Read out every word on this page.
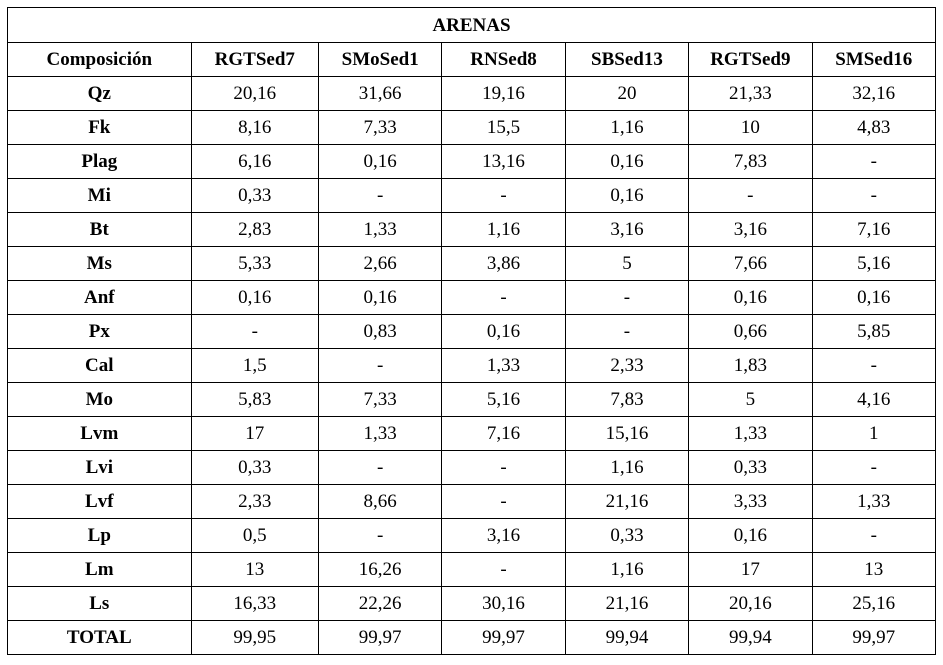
ARENAS						
Composición	RGTSed7	SMoSed1	RNSed8	SBSed13	RGTSed9	SMSed16
Qz	20,16	31,66	19,16	20	21,33	32,16
Fk	8,16	7,33	15,5	1,16	10	4,83
Plag	6,16	0,16	13,16	0,16	7,83	-
Mi	0,33	-	-	0,16	-	-
Bt	2,83	1,33	1,16	3,16	3,16	7,16
Ms	5,33	2,66	3,86	5	7,66	5,16
Anf	0,16	0,16	-	-	0,16	0,16
Px	-	0,83	0,16	-	0,66	5,85
Cal	1,5	-	1,33	2,33	1,83	-
Mo	5,83	7,33	5,16	7,83	5	4,16
Lvm	17	1,33	7,16	15,16	1,33	1
Lvi	0,33	-	-	1,16	0,33	-
Lvf	2,33	8,66	-	21,16	3,33	1,33
Lp	0,5	-	3,16	0,33	0,16	-
Lm	13	16,26	-	1,16	17	13
Ls	16,33	22,26	30,16	21,16	20,16	25,16
TOTAL	99,95	99,97	99,97	99,94	99,94	99,97
